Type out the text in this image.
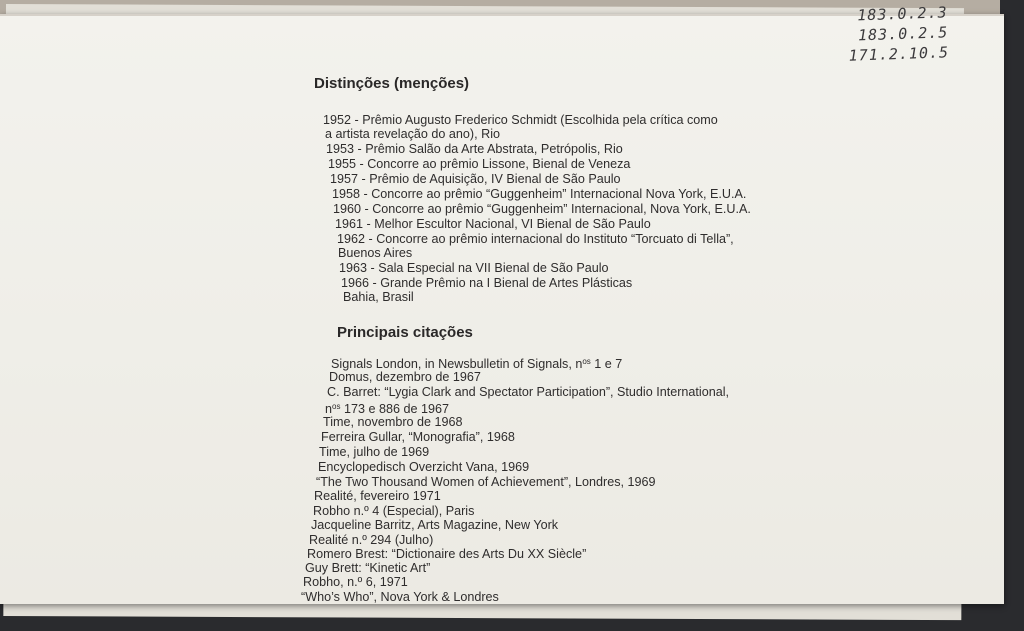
183.0.2.3
183.0.2.5
171.2.10.5
Distinções (menções)
1952 - Prêmio Augusto Frederico Schmidt (Escolhida pela crítica como
a artista revelação do ano), Rio
1953 - Prêmio Salão da Arte Abstrata, Petrópolis, Rio
1955 - Concorre ao prêmio Lissone, Bienal de Veneza
1957 - Prêmio de Aquisição, IV Bienal de São Paulo
1958 - Concorre ao prêmio “Guggenheim” Internacional Nova York, E.U.A.
1960 - Concorre ao prêmio “Guggenheim” Internacional, Nova York, E.U.A.
1961 - Melhor Escultor Nacional, VI Bienal de São Paulo
1962 - Concorre ao prêmio internacional do Instituto “Torcuato di Tella”,
Buenos Aires
1963 - Sala Especial na VII Bienal de São Paulo
1966 - Grande Prêmio na I Bienal de Artes Plásticas
Bahia, Brasil
Principais citações
Signals London, in Newsbulletin of Signals, $n^{os}$ 1 e 7
Domus, dezembro de 1967
C. Barret: “Lygia Clark and Spectator Participation”, Studio International,
$n^{os}$ 173 e 886 de 1967
Time, novembro de 1968
Ferreira Gullar, “Monografia”, 1968
Time, julho de 1969
Encyclopedisch Overzicht Vana, 1969
“The Two Thousand Women of Achievement”, Londres, 1969
Realité, fevereiro 1971
Robho n.º 4 (Especial), Paris
Jacqueline Barritz, Arts Magazine, New York
Realité n.º 294 (Julho)
Romero Brest: “Dictionaire des Arts Du XX Siècle”
Guy Brett: “Kinetic Art”
Robho, n.º 6, 1971
“Who’s Who”, Nova York & Londres
